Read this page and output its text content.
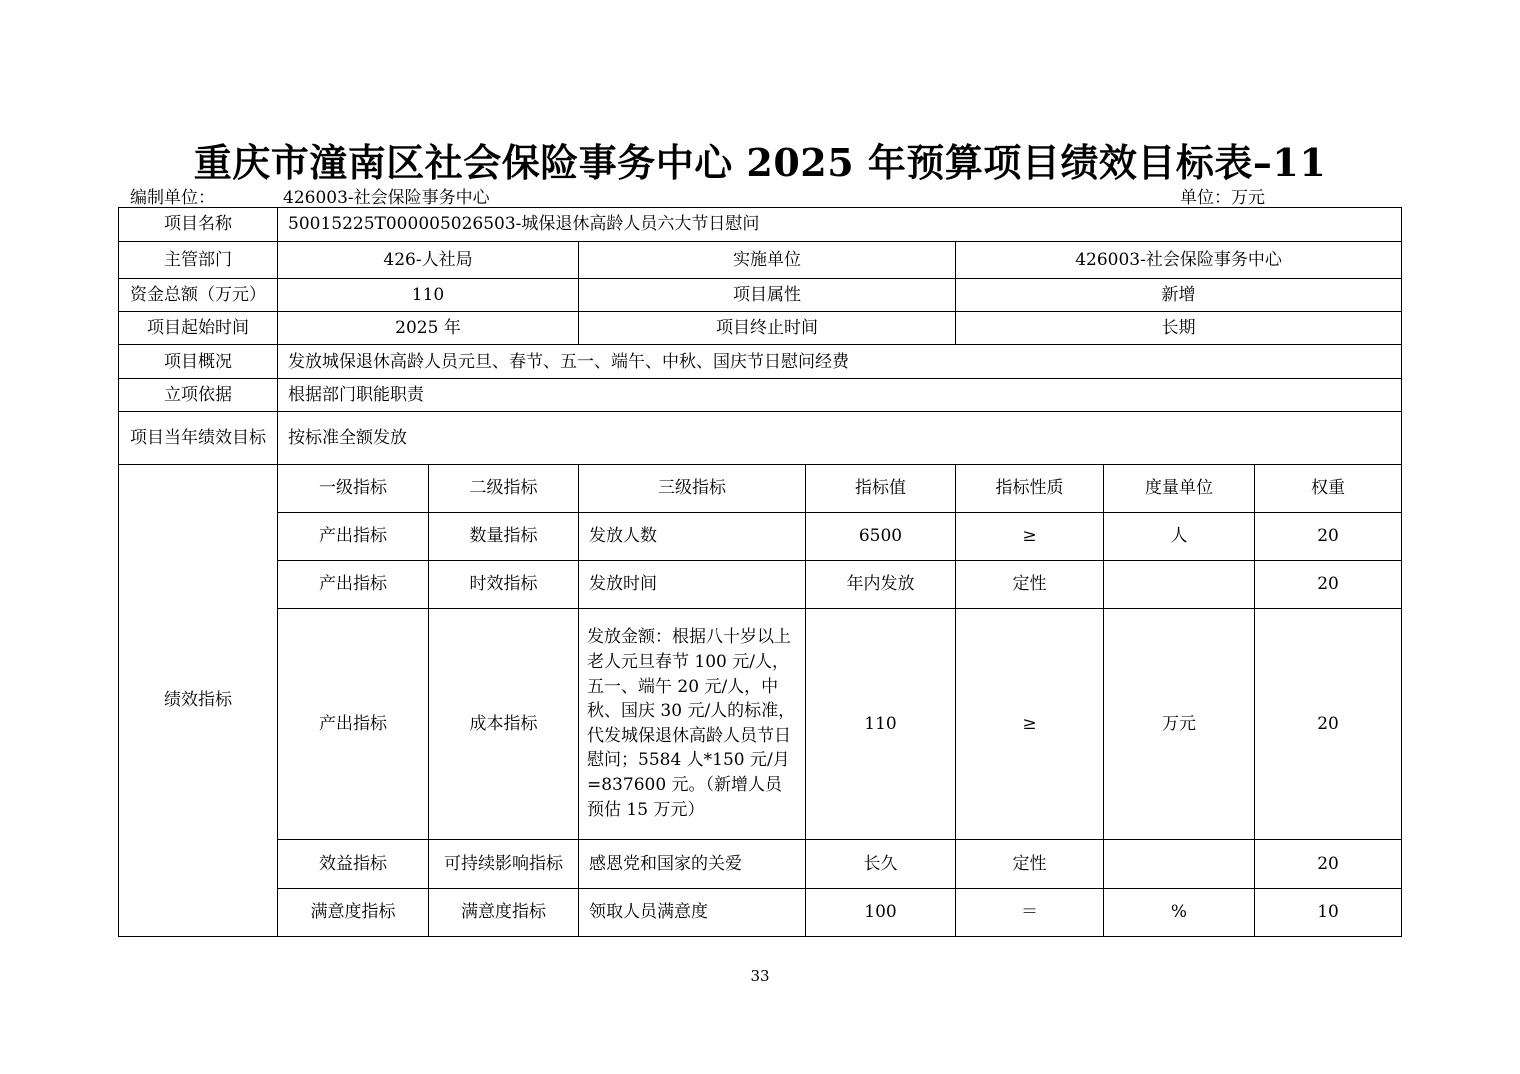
重庆市潼南区社会保险事务中心 2025 年预算项目绩效目标表–11
编制单位：	426003-社会保险事务中心	单位：万元
项目名称	50015225T000005026503-城保退休高龄人员六大节日慰问						
主管部门	426-人社局		实施单位		426003-社会保险事务中心		
资金总额（万元）	110		项目属性		新增		
项目起始时间	2025 年		项目终止时间		长期		
项目概况	发放城保退休高龄人员元旦、春节、五一、端午、中秋、国庆节日慰问经费						
立项依据	根据部门职能职责						
项目当年绩效目标	按标准全额发放						
绩效指标	一级指标	二级指标	三级指标	指标值	指标性质	度量单位	权重
	产出指标	数量指标	发放人数	6500	≥	人	20
	产出指标	时效指标	发放时间	年内发放	定性		20
	产出指标	成本指标	发放金额：根据八十岁以上老人元旦春节 100 元/人，五一、端午 20 元/人，中秋、国庆 30 元/人的标准，代发城保退休高龄人员节日慰问；5584 人*150 元/月=837600 元。（新增人员预估 15 万元）	110	≥	万元	20
	效益指标	可持续影响指标	感恩党和国家的关爱	长久	定性		20
	满意度指标	满意度指标	领取人员满意度	100	＝	%	10
33
